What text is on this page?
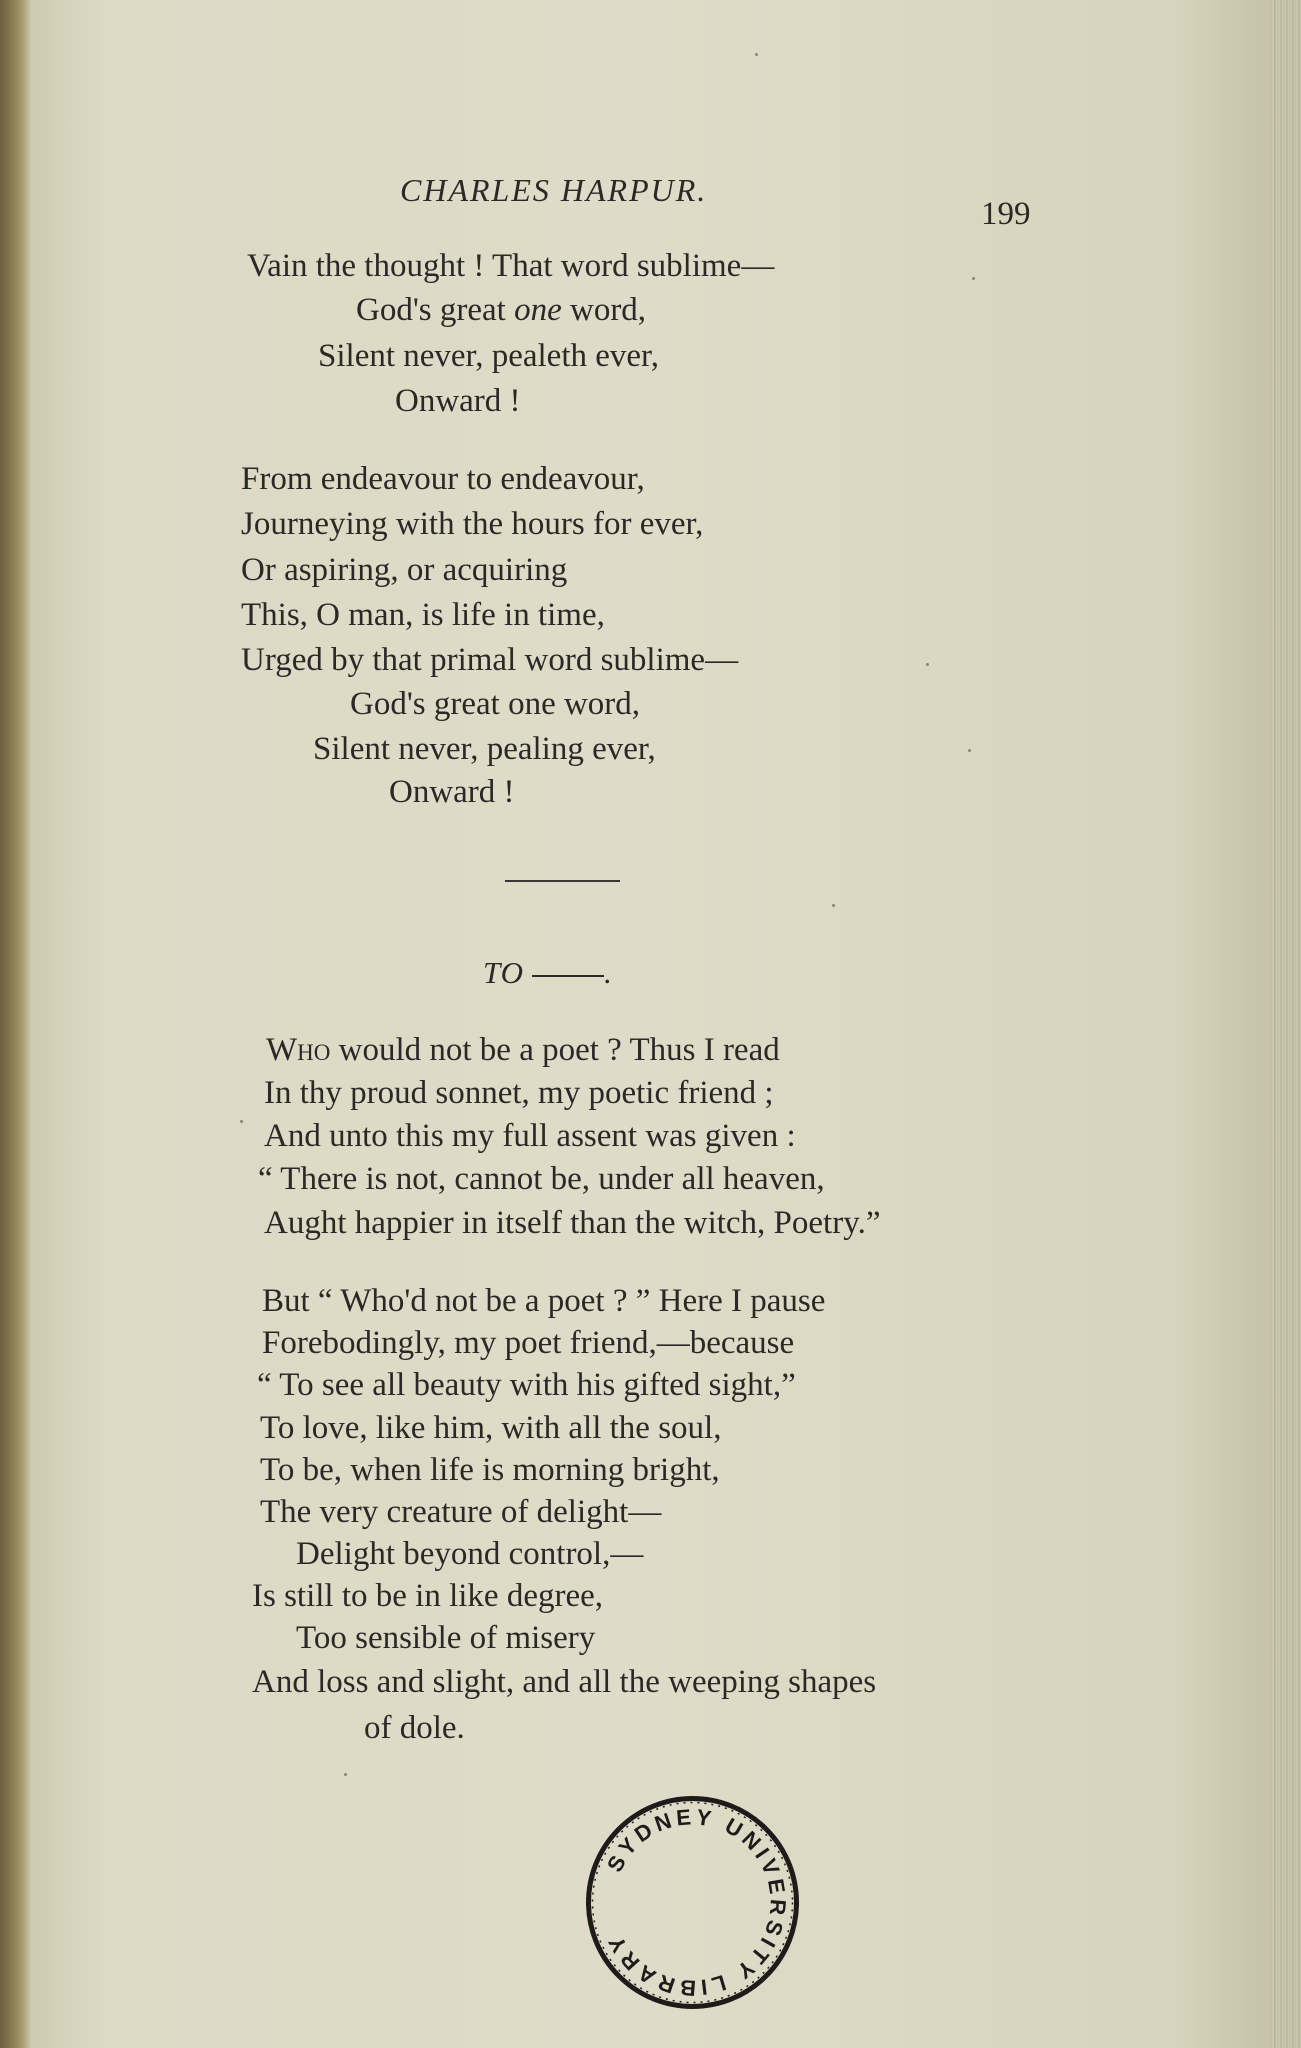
CHARLES HARPUR.
199
Vain the thought ! That word sublime—
God's great one word,
Silent never, pealeth ever,
Onward !
From endeavour to endeavour,
Journeying with the hours for ever,
Or aspiring, or acquiring
This, O man, is life in time,
Urged by that primal word sublime—
God's great one word,
Silent never, pealing ever,
Onward !
TO	.
Who would not be a poet ? Thus I read
In thy proud sonnet, my poetic friend ;
And unto this my full assent was given :
“ There is not, cannot be, under all heaven,
Aught happier in itself than the witch, Poetry.”
But “ Who'd not be a poet ? ” Here I pause
Forebodingly, my poet friend,—because
“ To see all beauty with his gifted sight,”
To love, like him, with all the soul,
To be, when life is morning bright,
The very creature of delight—
Delight beyond control,—
Is still to be in like degree,
Too sensible of misery
And loss and slight, and all the weeping shapes
of dole.
SYDNEY UNIVERSITY LIBRARY
